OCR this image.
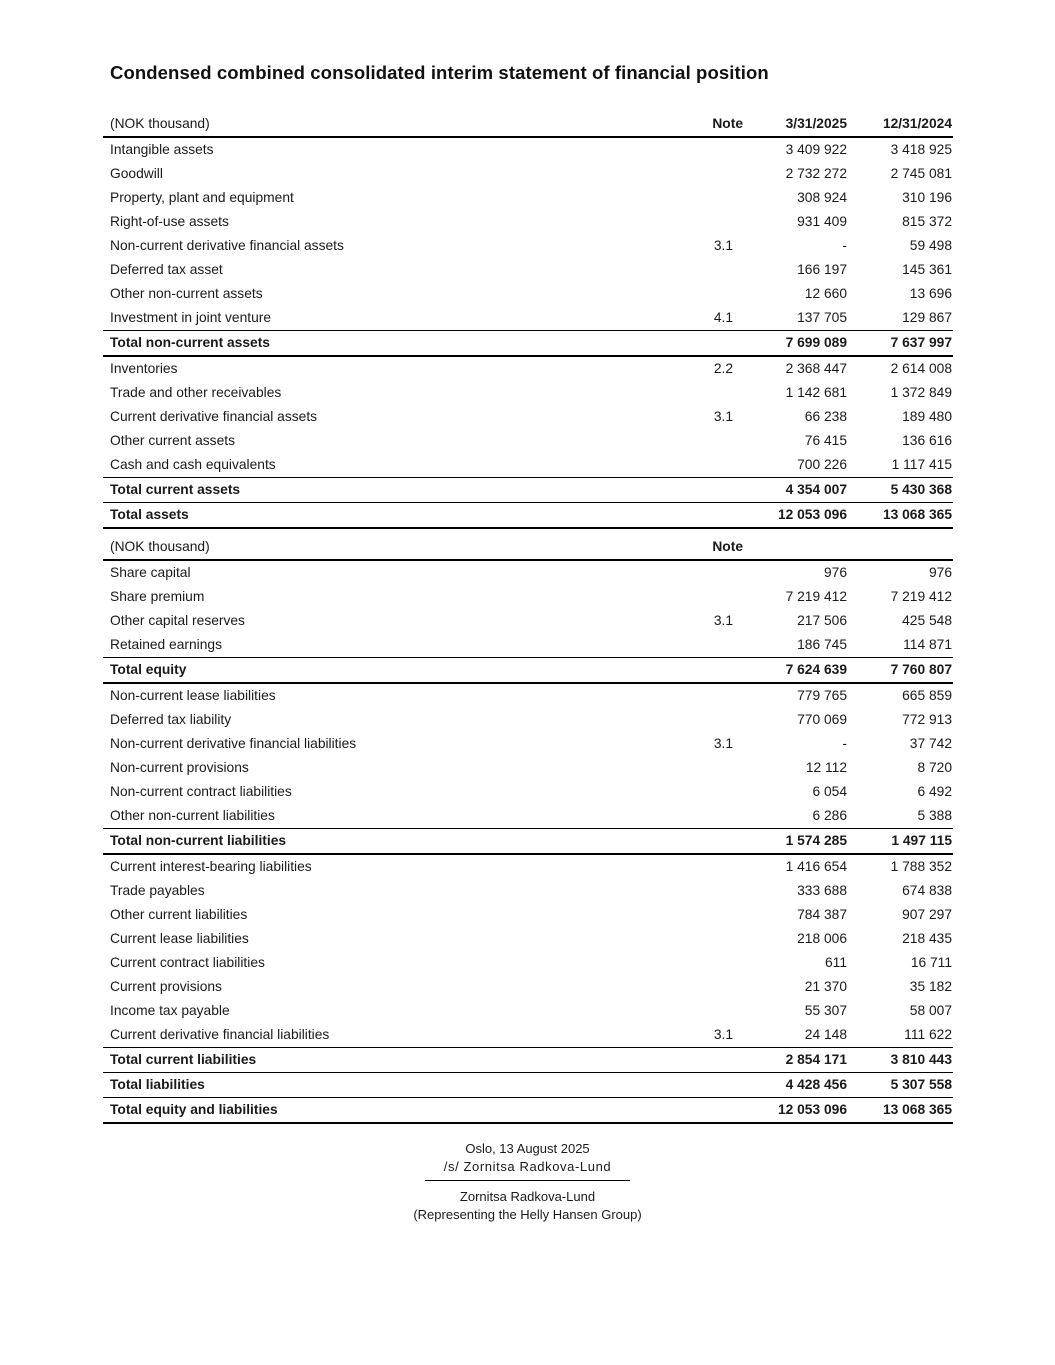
Condensed combined consolidated interim statement of financial position
(NOK thousand)	Note	3/31/2025	12/31/2024
Intangible assets		3 409 922	3 418 925
Goodwill		2 732 272	2 745 081
Property, plant and equipment		308 924	310 196
Right-of-use assets		931 409	815 372
Non-current derivative financial assets	3.1	-	59 498
Deferred tax asset		166 197	145 361
Other non-current assets		12 660	13 696
Investment in joint venture	4.1	137 705	129 867
Total non-current assets		7 699 089	7 637 997
Inventories	2.2	2 368 447	2 614 008
Trade and other receivables		1 142 681	1 372 849
Current derivative financial assets	3.1	66 238	189 480
Other current assets		76 415	136 616
Cash and cash equivalents		700 226	1 117 415
Total current assets		4 354 007	5 430 368
Total assets		12 053 096	13 068 365
(NOK thousand)	Note		
Share capital		976	976
Share premium		7 219 412	7 219 412
Other capital reserves	3.1	217 506	425 548
Retained earnings		186 745	114 871
Total equity		7 624 639	7 760 807
Non-current lease liabilities		779 765	665 859
Deferred tax liability		770 069	772 913
Non-current derivative financial liabilities	3.1	-	37 742
Non-current provisions		12 112	8 720
Non-current contract liabilities		6 054	6 492
Other non-current liabilities		6 286	5 388
Total non-current liabilities		1 574 285	1 497 115
Current interest-bearing liabilities		1 416 654	1 788 352
Trade payables		333 688	674 838
Other current liabilities		784 387	907 297
Current lease liabilities		218 006	218 435
Current contract liabilities		611	16 711
Current provisions		21 370	35 182
Income tax payable		55 307	58 007
Current derivative financial liabilities	3.1	24 148	111 622
Total current liabilities		2 854 171	3 810 443
Total liabilities		4 428 456	5 307 558
Total equity and liabilities		12 053 096	13 068 365
Oslo, 13 August 2025
/s/ Zornitsa Radkova-Lund
Zornitsa Radkova-Lund
(Representing the Helly Hansen Group)
